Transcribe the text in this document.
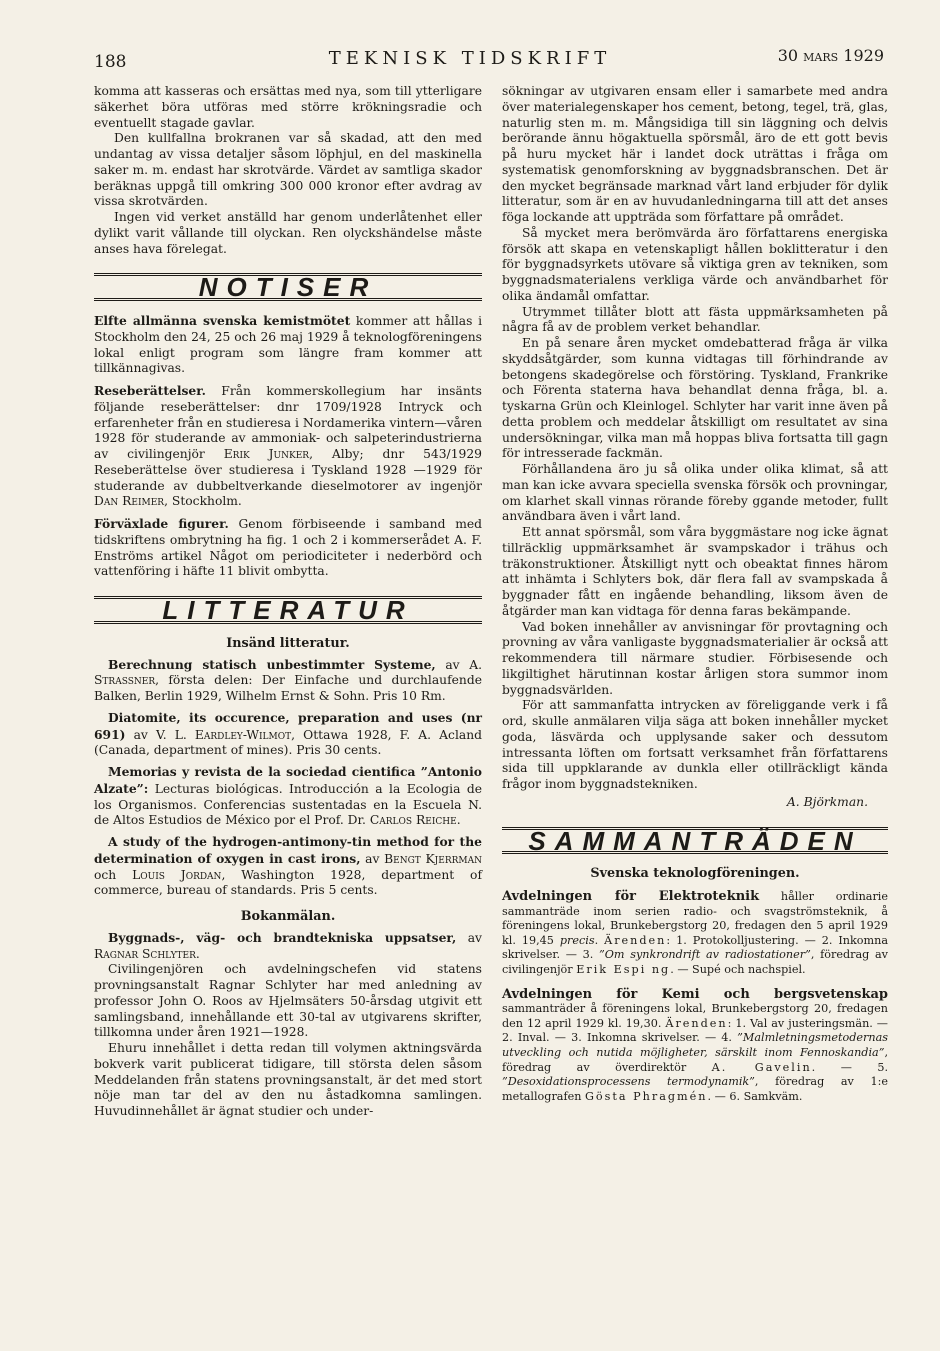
188	TEKNISK TIDSKRIFT	30 mars 1929

komma att kasseras och ersättas med nya, som till ytterligare säkerhet böra utföras med större krökningsradie och eventuellt stagade gavlar.

Den kullfallna brokranen var så skadad, att den med undantag av vissa detaljer såsom löphjul, en del maskinella saker m. m. endast har skrotvärde. Värdet av samtliga skador beräknas uppgå till omkring 300 000 kronor efter avdrag av vissa skrotvärden.

Ingen vid verket anställd har genom underlåtenhet eller dylikt varit vållande till olyckan. Ren olyckshändelse måste anses hava förelegat.

NOTISER

Elfte allmänna svenska kemistmötet kommer att hållas i Stockholm den 24, 25 och 26 maj 1929 å teknologföreningens lokal enligt program som längre fram kommer att tillkännagivas.

Reseberättelser. Från kommerskollegium har insänts följande reseberättelser: dnr 1709/1928 Intryck och erfarenheter från en studieresa i Nordamerika vintern—våren 1928 för studerande av ammoniak- och salpeterindustrierna av civilingenjör Erik Junker, Alby; dnr 543/1929 Reseberättelse över studieresa i Tyskland 1928 —1929 för studerande av dubbeltverkande dieselmotorer av ingenjör Dan Reimer, Stockholm.

Förväxlade figurer. Genom förbiseende i samband med tidskriftens ombrytning ha fig. 1 och 2 i kommerserådet A. F. Enströms artikel Något om periodiciteter i nederbörd och vattenföring i häfte 11 blivit ombytta.

LITTERATUR
Insänd litteratur.

Berechnung statisch unbestimmter Systeme, av A. Strassner, första delen: Der Einfache und durchlaufende Balken, Berlin 1929, Wilhelm Ernst & Sohn. Pris 10 Rm.

Diatomite, its occurence, preparation and uses (nr 691) av V. L. Eardley-Wilmot, Ottawa 1928, F. A. Acland (Canada, department of mines). Pris 30 cents.

Memorias y revista de la sociedad cientifica ”Antonio Alzate”: Lecturas biológicas. Introducción a la Ecologia de los Organismos. Conferencias sustentadas en la Escuela N. de Altos Estudios de México por el Prof. Dr. Carlos Reiche.

A study of the hydrogen-antimony-tin method for the determination of oxygen in cast irons, av Bengt Kjerrman och Louis Jordan, Washington 1928, department of commerce, bureau of standards. Pris 5 cents.

Bokanmälan.

Byggnads-, väg- och brandtekniska uppsatser, av Ragnar Schlyter.

Civilingenjören och avdelningschefen vid statens provningsanstalt Ragnar Schlyter har med anledning av professor John O. Roos av Hjelmsäters 50-årsdag utgivit ett samlingsband, innehållande ett 30-tal av utgivarens skrifter, tillkomna under åren 1921—1928.

Ehuru innehållet i detta redan till volymen aktningsvärda bokverk varit publicerat tidigare, till största delen såsom Meddelanden från statens provningsanstalt, är det med stort nöje man tar del av den nu åstadkomna samlingen. Huvudinnehållet är ägnat studier och under-

sökningar av utgivaren ensam eller i samarbete med andra över materialegenskaper hos cement, betong, tegel, trä, glas, naturlig sten m. m. Mångsidiga till sin läggning och delvis berörande ännu högaktuella spörsmål, äro de ett gott bevis på huru mycket här i landet dock uträttas i fråga om systematisk genomforskning av byggnadsbranschen. Det är den mycket begränsade marknad vårt land erbjuder för dylik litteratur, som är en av huvudanledningarna till att det anses föga lockande att uppträda som författare på området.

Så mycket mera berömvärda äro författarens energiska försök att skapa en vetenskapligt hållen boklitteratur i den för byggnadsyrkets utövare så viktiga gren av tekniken, som byggnadsmaterialens verkliga värde och användbarhet för olika ändamål omfattar.

Utrymmet tillåter blott att fästa uppmärksamheten på några få av de problem verket behandlar.

En på senare åren mycket omdebatterad fråga är vilka skyddsåtgärder, som kunna vidtagas till förhindrande av betongens skadegörelse och förstöring. Tyskland, Frankrike och Förenta staterna hava behandlat denna fråga, bl. a. tyskarna Grün och Kleinlogel. Schlyter har varit inne även på detta problem och meddelar åtskilligt om resultatet av sina undersökningar, vilka man må hoppas bliva fortsatta till gagn för intresserade fackmän.

Förhållandena äro ju så olika under olika klimat, så att man kan icke avvara speciella svenska försök och provningar, om klarhet skall vinnas rörande föreby ggande metoder, fullt användbara även i vårt land.

Ett annat spörsmål, som våra byggmästare nog icke ägnat tillräcklig uppmärksamhet är svampskador i trähus och träkonstruktioner. Åtskilligt nytt och obeaktat finnes härom att inhämta i Schlyters bok, där flera fall av svampskada å byggnader fått en ingående behandling, liksom även de åtgärder man kan vidtaga för denna faras bekämpande.

Vad boken innehåller av anvisningar för provtagning och provning av våra vanligaste byggnadsmaterialier är också att rekommendera till närmare studier. Förbisesende och likgiltighet härutinnan kostar årligen stora summor inom byggnadsvärlden.

För att sammanfatta intrycken av föreliggande verk i få ord, skulle anmälaren vilja säga att boken innehåller mycket goda, läsvärda och upplysande saker och dessutom intressanta löften om fortsatt verksamhet från författarens sida till uppklarande av dunkla eller otillräckligt kända frågor inom byggnadstekniken.

A. Björkman.
SAMMANTRÄDEN
Svenska teknologföreningen.

Avdelningen för Elektroteknik håller ordinarie sammanträde inom serien radio- och svagströmsteknik, å föreningens lokal, Brunkebergstorg 20, fredagen den 5 april 1929 kl. 19,45 precis. Ärenden: 1. Protokolljustering. — 2. Inkomna skrivelser. — 3. ”Om synkrondrift av radiostationer”, föredrag av civilingenjör Erik Espi ng. — Supé och nachspiel.

Avdelningen för Kemi och bergsvetenskap sammanträder å föreningens lokal, Brunkebergstorg 20, fredagen den 12 april 1929 kl. 19,30. Ärenden: 1. Val av justeringsmän. — 2. Inval. — 3. Inkomna skrivelser. — 4. ”Malmletningsmetodernas utveckling och nutida möjligheter, särskilt inom Fennoskandia”, föredrag av överdirektör A. Gavelin. — 5. ”Desoxidationsprocessens termodynamik”, föredrag av 1:e metallografen Gösta Phragmén. — 6. Samkväm.
